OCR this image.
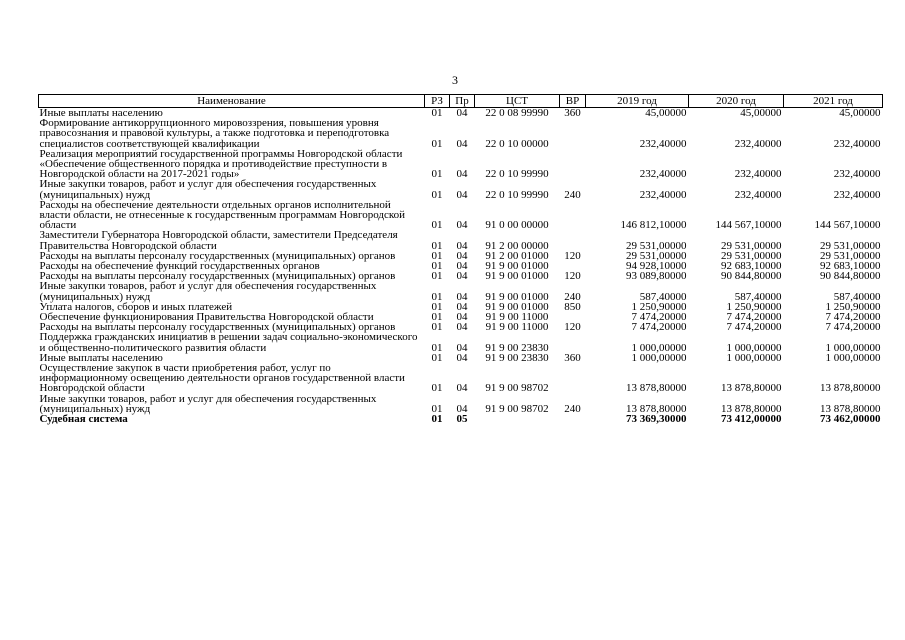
3
Наименование	РЗ	Пр	ЦСТ	ВР	2019 год	2020 год	2021 год
Иные выплаты населению	01	04	22 0 08 99990	360	45,00000	45,00000	45,00000
Формирование антикоррупционного мировоззрения, повышения уровня правосознания и правовой культуры, а также подготовка и переподготовка специалистов соответствующей квалификации	01	04	22 0 10 00000		232,40000	232,40000	232,40000
Реализация мероприятий государственной программы Новгородской области «Обеспечение общественного порядка и противодействие преступности в Новгородской области на 2017-2021 годы»	01	04	22 0 10 99990		232,40000	232,40000	232,40000
Иные закупки товаров, работ и услуг для обеспечения государственных (муниципальных) нужд	01	04	22 0 10 99990	240	232,40000	232,40000	232,40000
Расходы на обеспечение деятельности отдельных органов исполнительной власти области, не отнесенные к государственным программам Новгородской области	01	04	91 0 00 00000		146 812,10000	144 567,10000	144 567,10000
Заместители Губернатора Новгородской области, заместители Председателя Правительства Новгородской области	01	04	91 2 00 00000		29 531,00000	29 531,00000	29 531,00000
Расходы на выплаты персоналу государственных (муниципальных) органов	01	04	91 2 00 01000	120	29 531,00000	29 531,00000	29 531,00000
Расходы на обеспечение функций государственных органов	01	04	91 9 00 01000		94 928,10000	92 683,10000	92 683,10000
Расходы на выплаты персоналу государственных (муниципальных) органов	01	04	91 9 00 01000	120	93 089,80000	90 844,80000	90 844,80000
Иные закупки товаров, работ и услуг для обеспечения государственных (муниципальных) нужд	01	04	91 9 00 01000	240	587,40000	587,40000	587,40000
Уплата налогов, сборов и иных платежей	01	04	91 9 00 01000	850	1 250,90000	1 250,90000	1 250,90000
Обеспечение функционирования Правительства Новгородской области	01	04	91 9 00 11000		7 474,20000	7 474,20000	7 474,20000
Расходы на выплаты персоналу государственных (муниципальных) органов	01	04	91 9 00 11000	120	7 474,20000	7 474,20000	7 474,20000
Поддержка гражданских инициатив в решении задач социально-экономического и общественно-политического развития области	01	04	91 9 00 23830		1 000,00000	1 000,00000	1 000,00000
Иные выплаты населению	01	04	91 9 00 23830	360	1 000,00000	1 000,00000	1 000,00000
Осуществление закупок в части приобретения работ, услуг по информационному освещению деятельности органов государственной власти Новгородской области	01	04	91 9 00 98702		13 878,80000	13 878,80000	13 878,80000
Иные закупки товаров, работ и услуг для обеспечения государственных (муниципальных) нужд	01	04	91 9 00 98702	240	13 878,80000	13 878,80000	13 878,80000
Судебная система	01	05			73 369,30000	73 412,00000	73 462,00000
